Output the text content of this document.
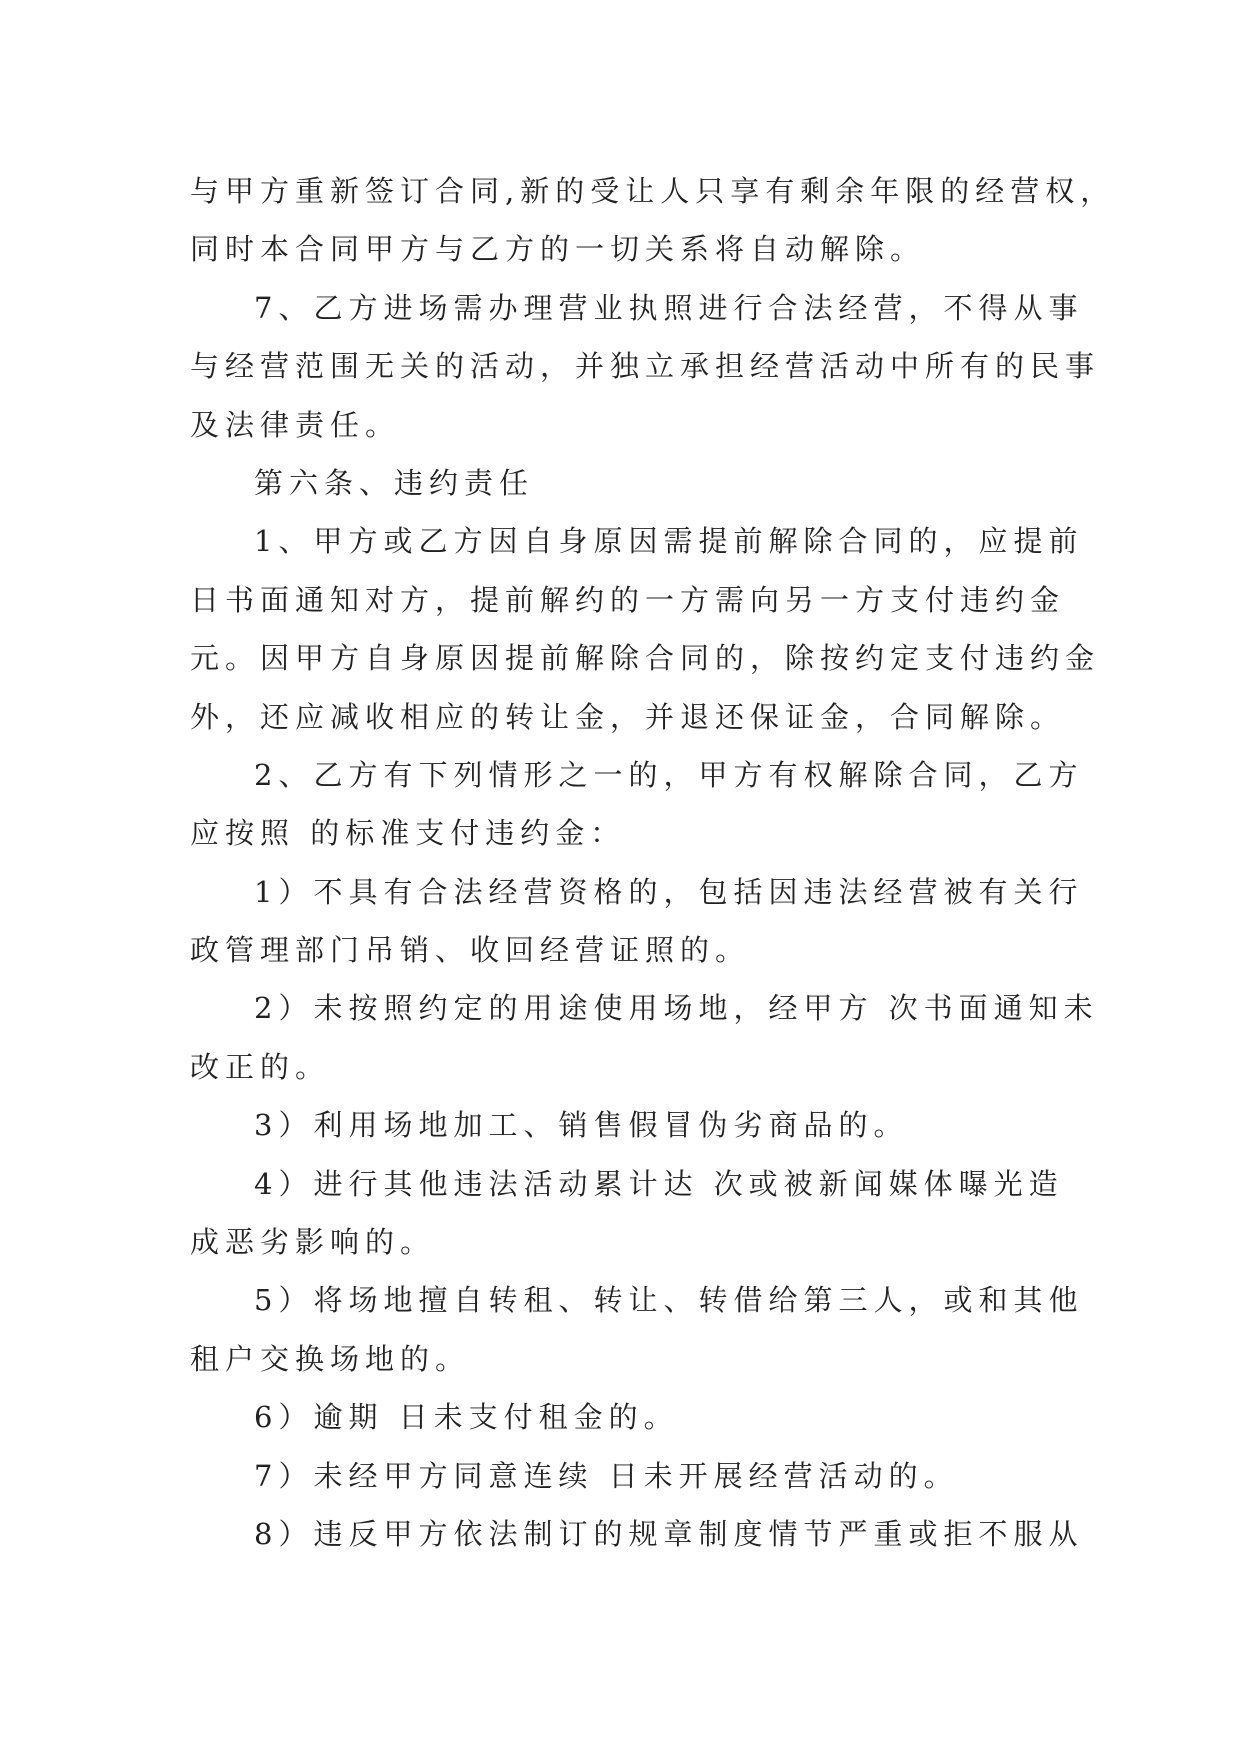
与甲方重新签订合同,新的受让人只享有剩余年限的经营权，
同时本合同甲方与乙方的一切关系将自动解除。
7、乙方进场需办理营业执照进行合法经营，不得从事
与经营范围无关的活动，并独立承担经营活动中所有的民事
及法律责任。
第六条、违约责任
1、甲方或乙方因自身原因需提前解除合同的，应提前
日书面通知对方，提前解约的一方需向另一方支付违约金
元。因甲方自身原因提前解除合同的，除按约定支付违约金
外，还应减收相应的转让金，并退还保证金，合同解除。
2、乙方有下列情形之一的，甲方有权解除合同，乙方
应按照 的标准支付违约金：
1）不具有合法经营资格的，包括因违法经营被有关行
政管理部门吊销、收回经营证照的。
2）未按照约定的用途使用场地，经甲方 次书面通知未
改正的。
3）利用场地加工、销售假冒伪劣商品的。
4）进行其他违法活动累计达 次或被新闻媒体曝光造
成恶劣影响的。
5）将场地擅自转租、转让、转借给第三人，或和其他
租户交换场地的。
6）逾期 日未支付租金的。
7）未经甲方同意连续 日未开展经营活动的。
8）违反甲方依法制订的规章制度情节严重或拒不服从
